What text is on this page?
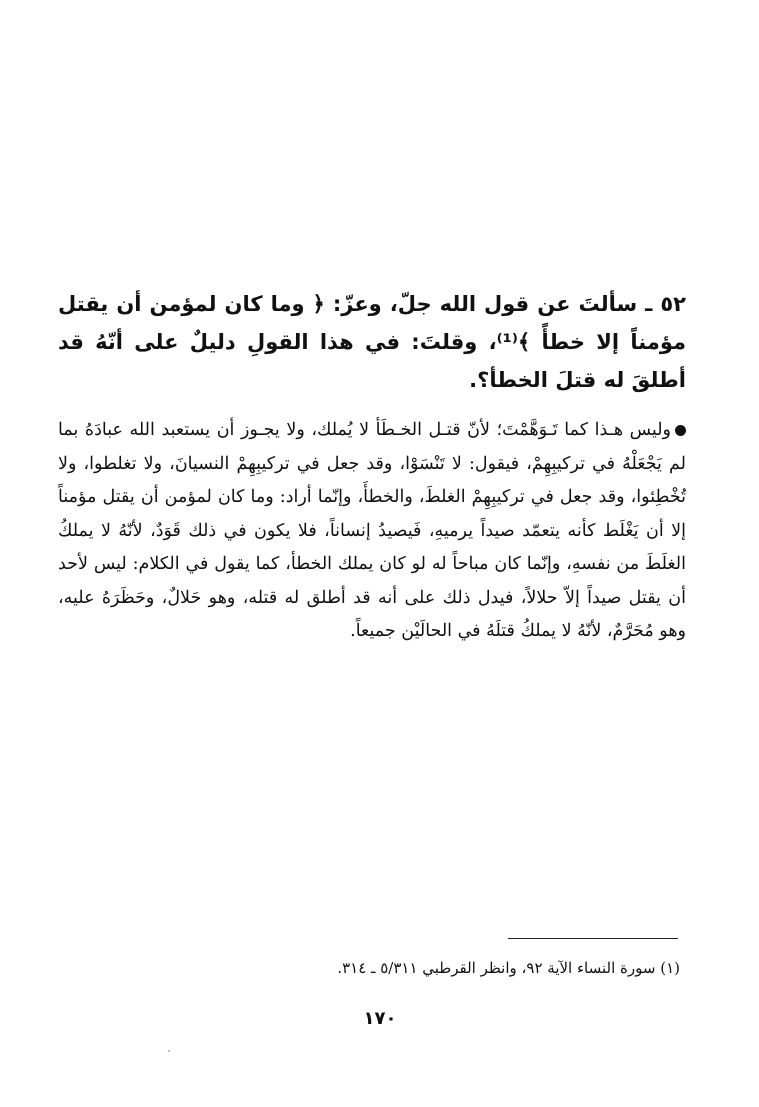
٥٢ ـ سألتَ عن قول الله جلّ، وعزّ: ﴿ وما كان لمؤمن أن يقتل مؤمناً إلا خطأً ﴾⁽¹⁾، وقلتَ: في هذا القولِ دليلٌ على أنّهُ قد أطلقَ له قتلَ الخطأ؟.

وليس هـذا كما تَـوَهَّمْتَ؛ لأنّ قتـل الخـطَأ لا يُملك، ولا يجـوز أن يستعبد الله عبادَهُ بما لم يَجْعَلْهُ في تركيبِهِمْ، فيقول: لا تَنْسَوْا، وقد جعل في تركيبِهِمْ النسيانَ، ولا تغلطوا، ولا تُخْطِئوا، وقد جعل في تركيبِهِمْ الغلطَ، والخطأَ، وإنّما أراد: وما كان لمؤمن أن يقتل مؤمناً إلا أن يَغْلَط كأنه يتعمّد صيداً يرميهِ، فَيصيدُ إنساناً، فلا يكون في ذلك قَوَدٌ، لأنّهُ لا يملكُ الغلَطَ من نفسهِ، وإنّما كان مباحاً له لو كان يملك الخطأ، كما يقول في الكلام: ليس لأحد أن يقتل صيداً إلاّ حلالاً، فيدل ذلك على أنه قد أطلق له قتله، وهو حَلالٌ، وحَظَرَهُ عليه، وهو مُحَرَّمٌ، لأنّهُ لا يملكُ قتلَهُ في الحالَيْن جميعاً.

(١) سورة النساء الآية ٩٢، وانظر القرطبي ٥/٣١١ ـ ٣١٤.
١٧٠
